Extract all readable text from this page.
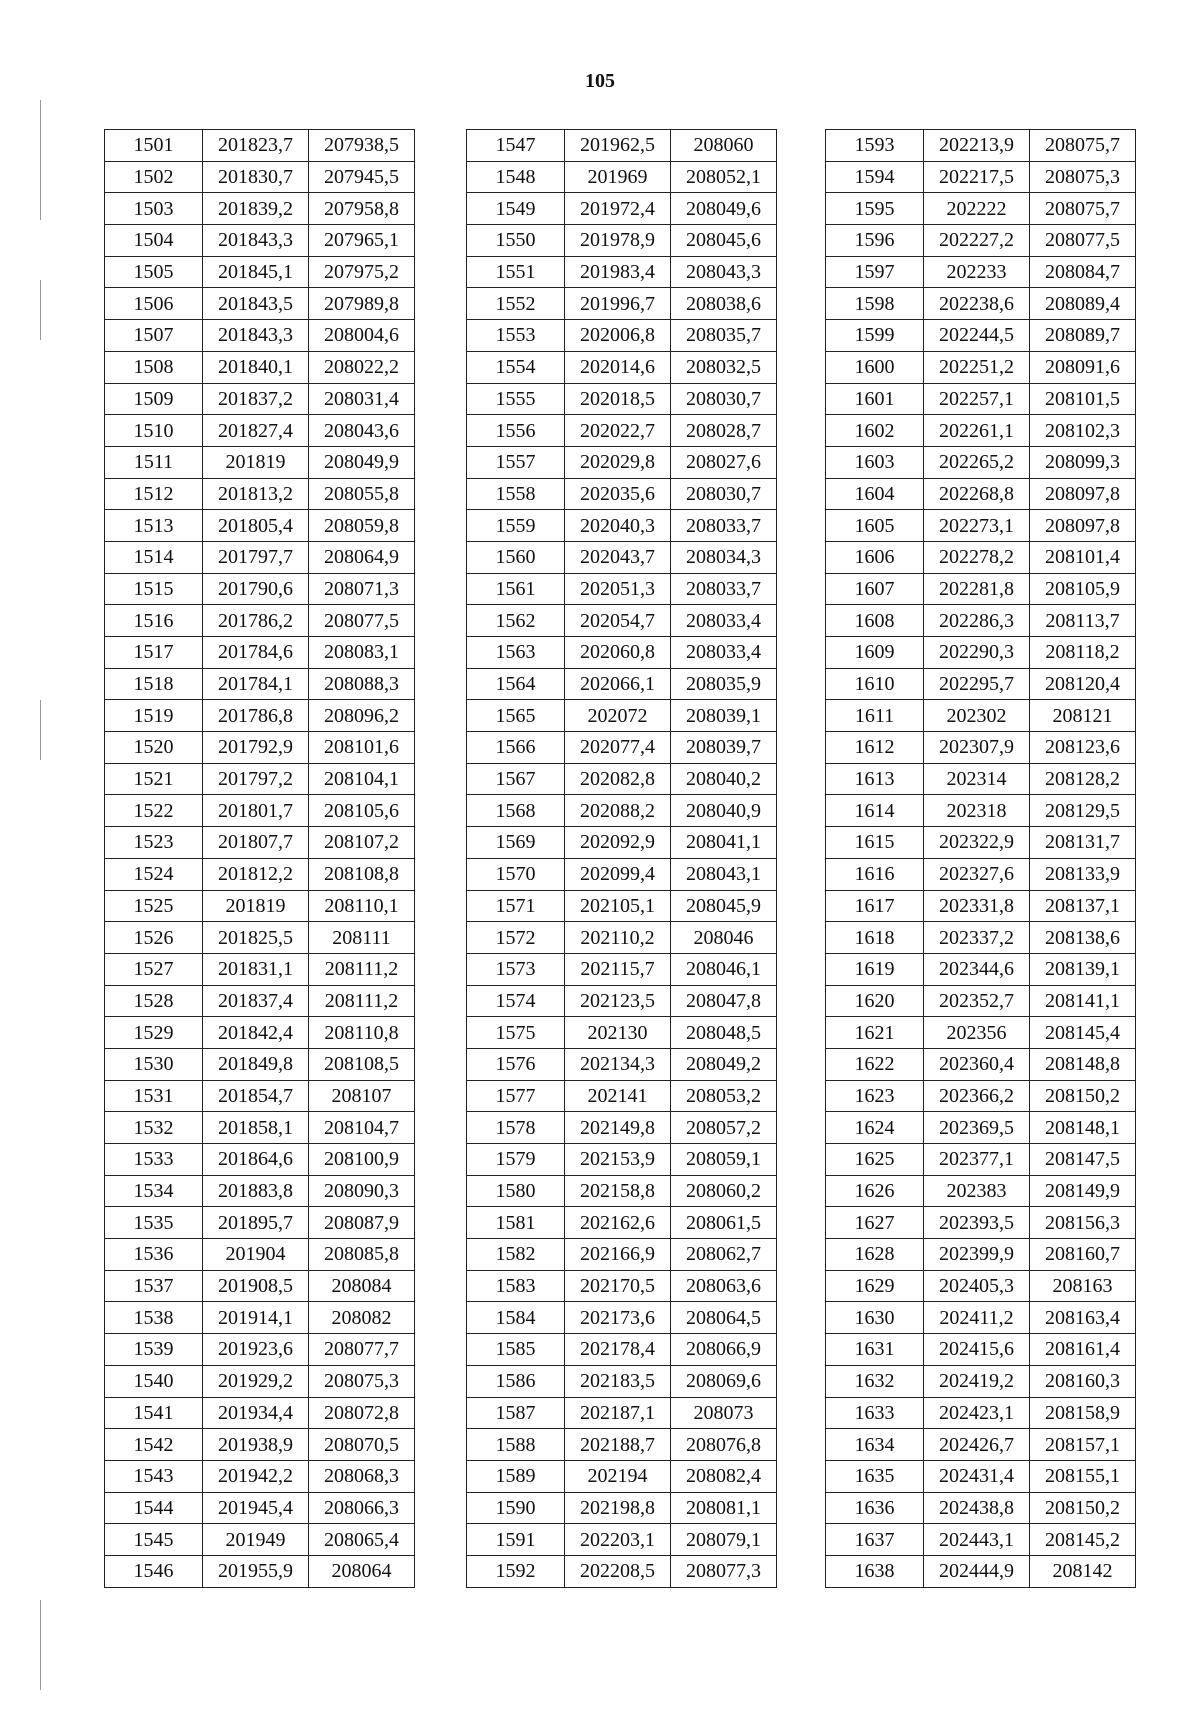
105
1501	201823,7	207938,5
1502	201830,7	207945,5
1503	201839,2	207958,8
1504	201843,3	207965,1
1505	201845,1	207975,2
1506	201843,5	207989,8
1507	201843,3	208004,6
1508	201840,1	208022,2
1509	201837,2	208031,4
1510	201827,4	208043,6
1511	201819	208049,9
1512	201813,2	208055,8
1513	201805,4	208059,8
1514	201797,7	208064,9
1515	201790,6	208071,3
1516	201786,2	208077,5
1517	201784,6	208083,1
1518	201784,1	208088,3
1519	201786,8	208096,2
1520	201792,9	208101,6
1521	201797,2	208104,1
1522	201801,7	208105,6
1523	201807,7	208107,2
1524	201812,2	208108,8
1525	201819	208110,1
1526	201825,5	208111
1527	201831,1	208111,2
1528	201837,4	208111,2
1529	201842,4	208110,8
1530	201849,8	208108,5
1531	201854,7	208107
1532	201858,1	208104,7
1533	201864,6	208100,9
1534	201883,8	208090,3
1535	201895,7	208087,9
1536	201904	208085,8
1537	201908,5	208084
1538	201914,1	208082
1539	201923,6	208077,7
1540	201929,2	208075,3
1541	201934,4	208072,8
1542	201938,9	208070,5
1543	201942,2	208068,3
1544	201945,4	208066,3
1545	201949	208065,4
1546	201955,9	208064
1547	201962,5	208060
1548	201969	208052,1
1549	201972,4	208049,6
1550	201978,9	208045,6
1551	201983,4	208043,3
1552	201996,7	208038,6
1553	202006,8	208035,7
1554	202014,6	208032,5
1555	202018,5	208030,7
1556	202022,7	208028,7
1557	202029,8	208027,6
1558	202035,6	208030,7
1559	202040,3	208033,7
1560	202043,7	208034,3
1561	202051,3	208033,7
1562	202054,7	208033,4
1563	202060,8	208033,4
1564	202066,1	208035,9
1565	202072	208039,1
1566	202077,4	208039,7
1567	202082,8	208040,2
1568	202088,2	208040,9
1569	202092,9	208041,1
1570	202099,4	208043,1
1571	202105,1	208045,9
1572	202110,2	208046
1573	202115,7	208046,1
1574	202123,5	208047,8
1575	202130	208048,5
1576	202134,3	208049,2
1577	202141	208053,2
1578	202149,8	208057,2
1579	202153,9	208059,1
1580	202158,8	208060,2
1581	202162,6	208061,5
1582	202166,9	208062,7
1583	202170,5	208063,6
1584	202173,6	208064,5
1585	202178,4	208066,9
1586	202183,5	208069,6
1587	202187,1	208073
1588	202188,7	208076,8
1589	202194	208082,4
1590	202198,8	208081,1
1591	202203,1	208079,1
1592	202208,5	208077,3
1593	202213,9	208075,7
1594	202217,5	208075,3
1595	202222	208075,7
1596	202227,2	208077,5
1597	202233	208084,7
1598	202238,6	208089,4
1599	202244,5	208089,7
1600	202251,2	208091,6
1601	202257,1	208101,5
1602	202261,1	208102,3
1603	202265,2	208099,3
1604	202268,8	208097,8
1605	202273,1	208097,8
1606	202278,2	208101,4
1607	202281,8	208105,9
1608	202286,3	208113,7
1609	202290,3	208118,2
1610	202295,7	208120,4
1611	202302	208121
1612	202307,9	208123,6
1613	202314	208128,2
1614	202318	208129,5
1615	202322,9	208131,7
1616	202327,6	208133,9
1617	202331,8	208137,1
1618	202337,2	208138,6
1619	202344,6	208139,1
1620	202352,7	208141,1
1621	202356	208145,4
1622	202360,4	208148,8
1623	202366,2	208150,2
1624	202369,5	208148,1
1625	202377,1	208147,5
1626	202383	208149,9
1627	202393,5	208156,3
1628	202399,9	208160,7
1629	202405,3	208163
1630	202411,2	208163,4
1631	202415,6	208161,4
1632	202419,2	208160,3
1633	202423,1	208158,9
1634	202426,7	208157,1
1635	202431,4	208155,1
1636	202438,8	208150,2
1637	202443,1	208145,2
1638	202444,9	208142
